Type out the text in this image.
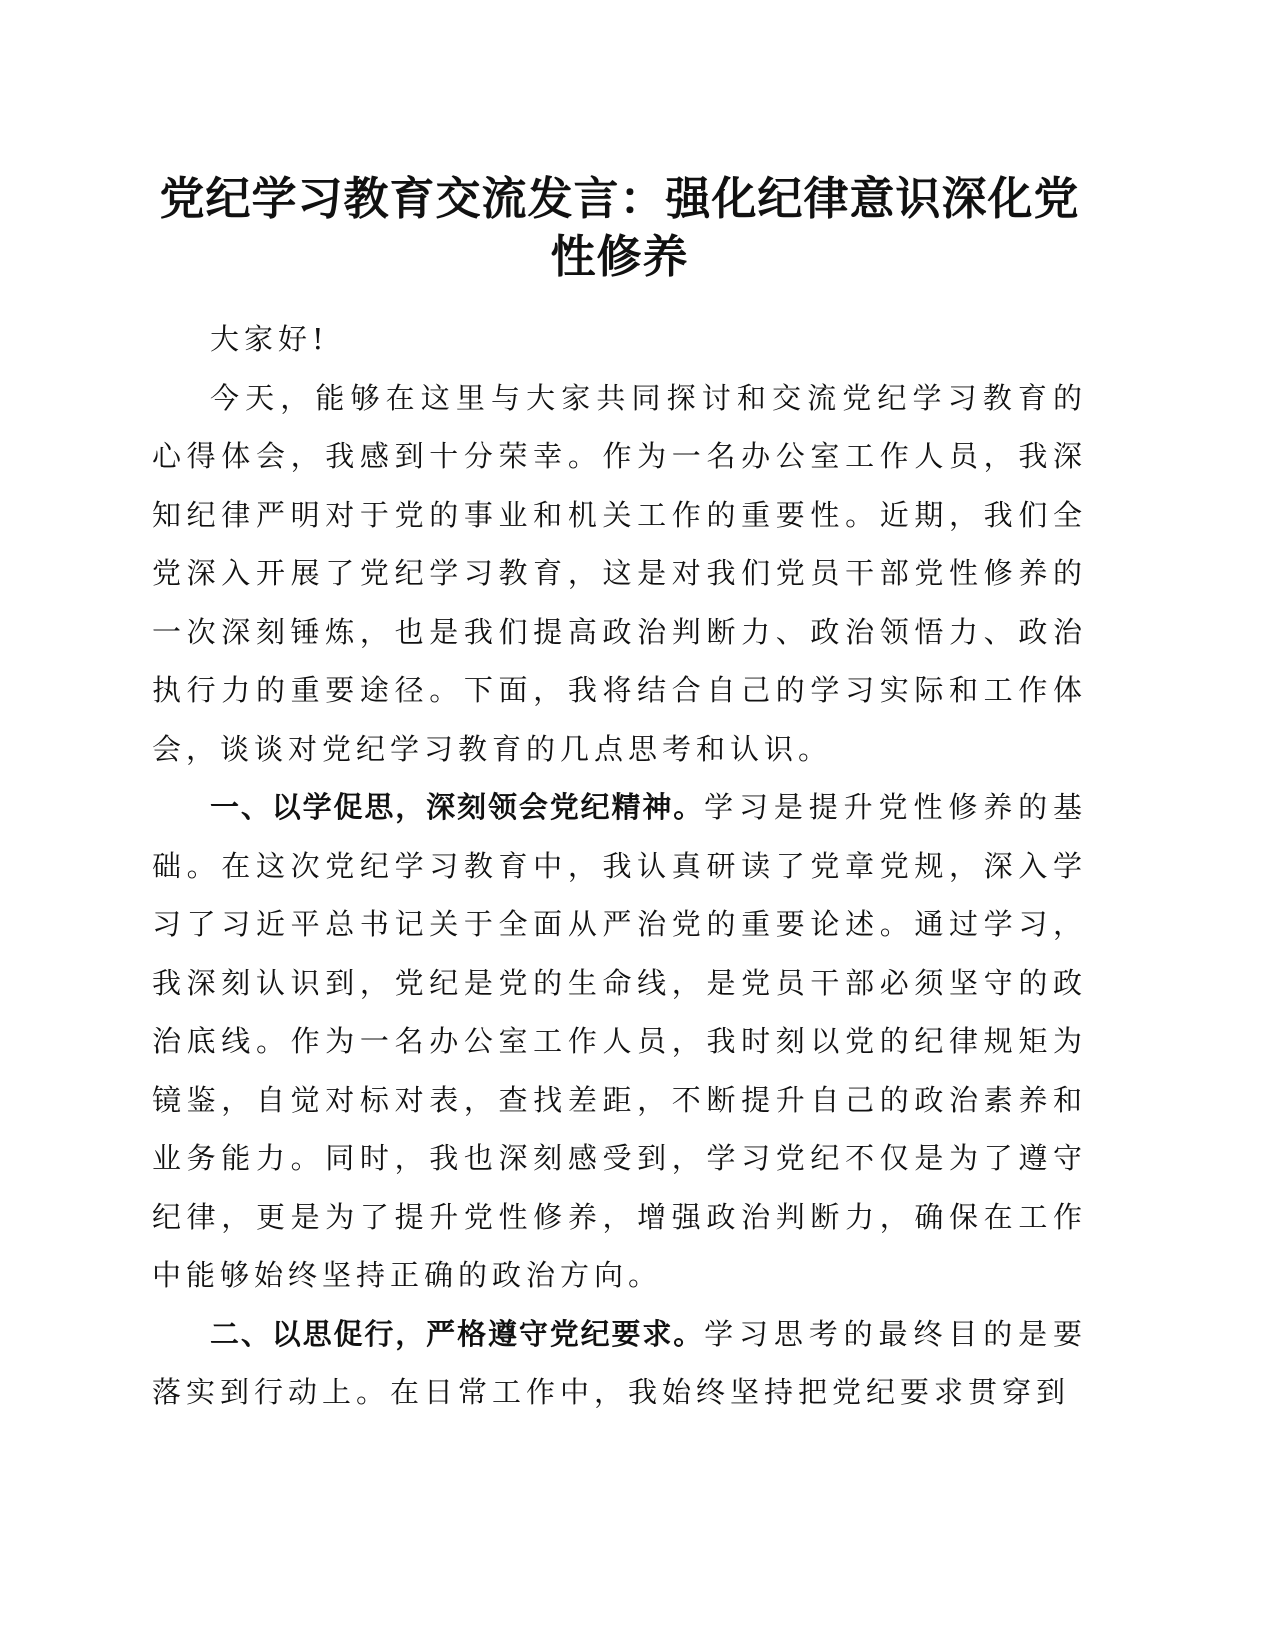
党纪学习教育交流发言：强化纪律意识深化党
性修养

大家好!

今天，能够在这里与大家共同探讨和交流党纪学习教育的心得体会，我感到十分荣幸。作为一名办公室工作人员，我深知纪律严明对于党的事业和机关工作的重要性。近期，我们全党深入开展了党纪学习教育，这是对我们党员干部党性修养的一次深刻锤炼，也是我们提高政治判断力、政治领悟力、政治执行力的重要途径。下面，我将结合自己的学习实际和工作体会，谈谈对党纪学习教育的几点思考和认识。

一、以学促思，深刻领会党纪精神。学习是提升党性修养的基础。在这次党纪学习教育中，我认真研读了党章党规，深入学习了习近平总书记关于全面从严治党的重要论述。通过学习，我深刻认识到，党纪是党的生命线，是党员干部必须坚守的政治底线。作为一名办公室工作人员，我时刻以党的纪律规矩为镜鉴，自觉对标对表，查找差距，不断提升自己的政治素养和业务能力。同时，我也深刻感受到，学习党纪不仅是为了遵守纪律，更是为了提升党性修养，增强政治判断力，确保在工作中能够始终坚持正确的政治方向。

二、以思促行，严格遵守党纪要求。学习思考的最终目的是要落实到行动上。在日常工作中，我始终坚持把党纪要求贯穿到
